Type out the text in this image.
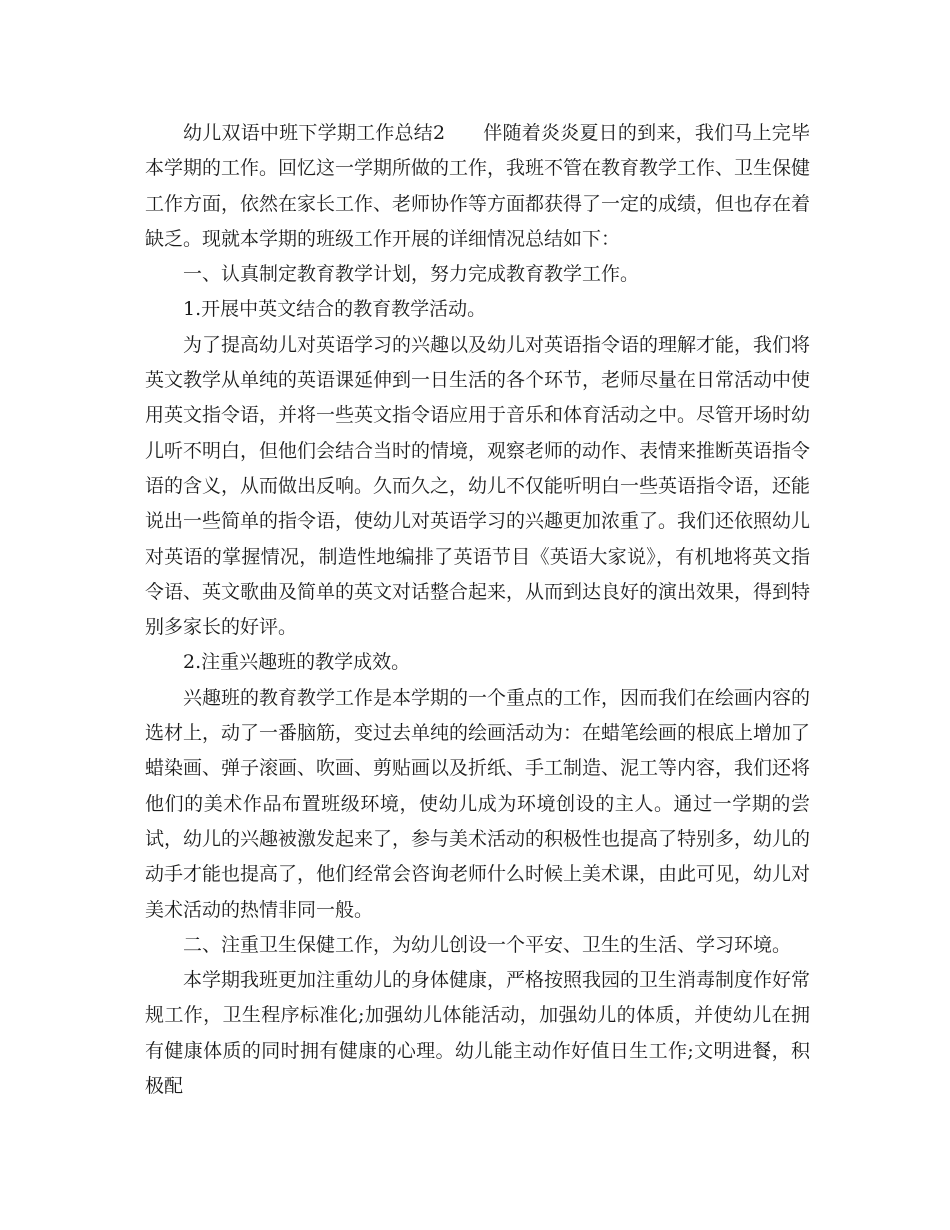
幼儿双语中班下学期工作总结2 伴随着炎炎夏日的到来，我们马上完毕本学期的工作。回忆这一学期所做的工作，我班不管在教育教学工作、卫生保健工作方面，依然在家长工作、老师协作等方面都获得了一定的成绩，但也存在着缺乏。现就本学期的班级工作开展的详细情况总结如下：

一、认真制定教育教学计划，努力完成教育教学工作。

1.开展中英文结合的教育教学活动。

为了提高幼儿对英语学习的兴趣以及幼儿对英语指令语的理解才能，我们将英文教学从单纯的英语课延伸到一日生活的各个环节，老师尽量在日常活动中使用英文指令语，并将一些英文指令语应用于音乐和体育活动之中。尽管开场时幼儿听不明白，但他们会结合当时的情境，观察老师的动作、表情来推断英语指令语的含义，从而做出反响。久而久之，幼儿不仅能听明白一些英语指令语，还能说出一些简单的指令语，使幼儿对英语学习的兴趣更加浓重了。我们还依照幼儿对英语的掌握情况，制造性地编排了英语节目《英语大家说》，有机地将英文指令语、英文歌曲及简单的英文对话整合起来，从而到达良好的演出效果，得到特别多家长的好评。

2.注重兴趣班的教学成效。

兴趣班的教育教学工作是本学期的一个重点的工作，因而我们在绘画内容的选材上，动了一番脑筋，变过去单纯的绘画活动为：在蜡笔绘画的根底上增加了蜡染画、弹子滚画、吹画、剪贴画以及折纸、手工制造、泥工等内容，我们还将他们的美术作品布置班级环境，使幼儿成为环境创设的主人。通过一学期的尝试，幼儿的兴趣被激发起来了，参与美术活动的积极性也提高了特别多，幼儿的动手才能也提高了，他们经常会咨询老师什么时候上美术课，由此可见，幼儿对美术活动的热情非同一般。

二、注重卫生保健工作，为幼儿创设一个平安、卫生的生活、学习环境。

本学期我班更加注重幼儿的身体健康，严格按照我园的卫生消毒制度作好常规工作，卫生程序标准化;加强幼儿体能活动，加强幼儿的体质，并使幼儿在拥有健康体质的同时拥有健康的心理。幼儿能主动作好值日生工作;文明进餐，积极配
